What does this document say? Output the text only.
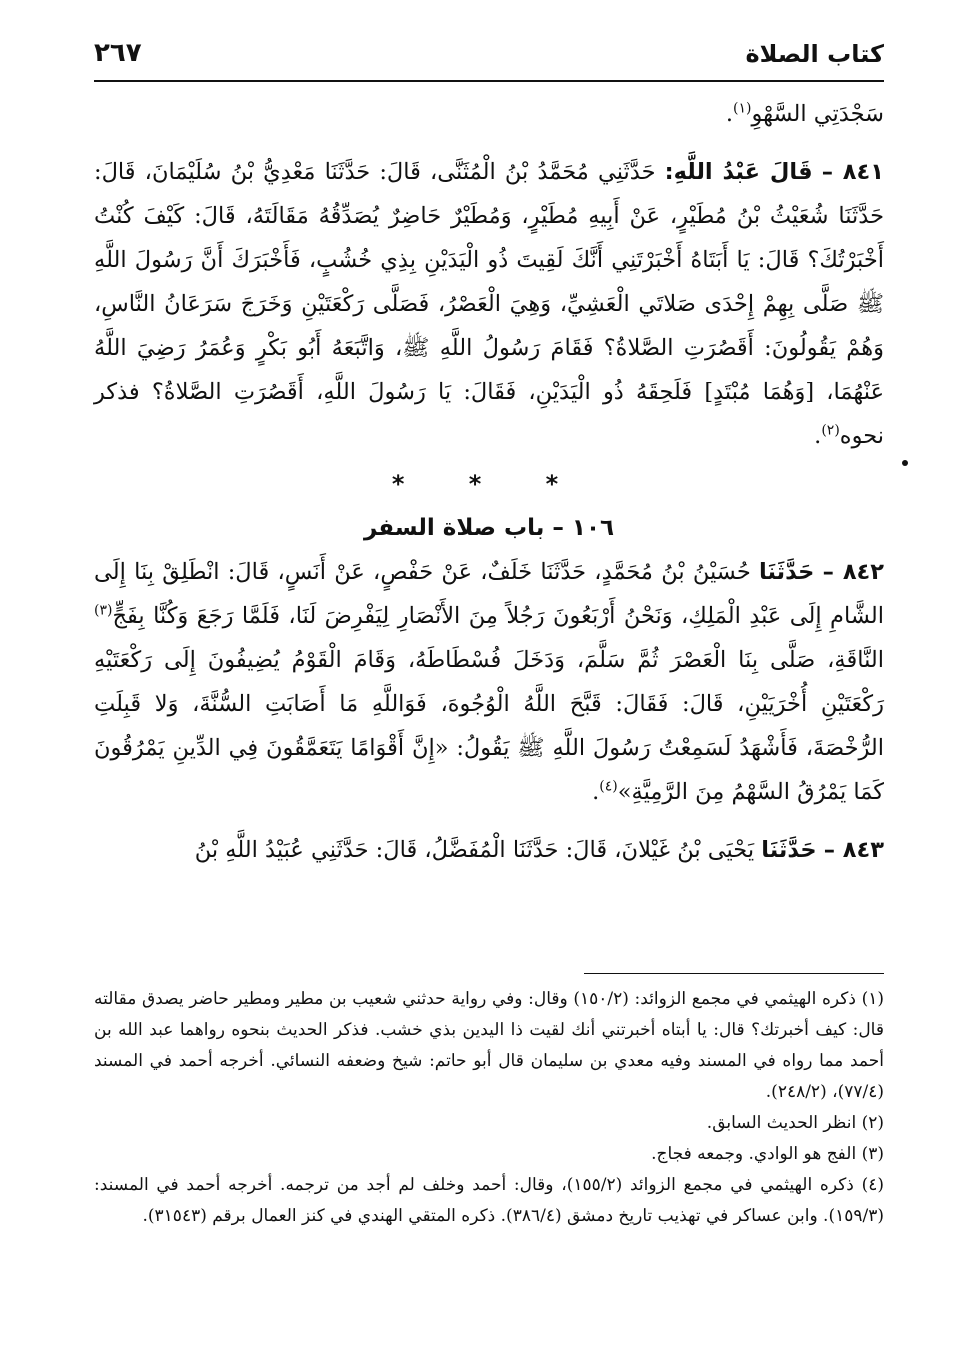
كتاب الصلاة
٢٦٧

سَجْدَتِي السَّهْوِ$^{(١)}$.

٨٤١ – قَالَ عَبْدُ اللَّهِ: حَدَّثَنِي مُحَمَّدُ بْنُ الْمُثَنَّى، قَالَ: حَدَّثَنَا مَعْدِيُّ بْنُ سُلَيْمَانَ، قَالَ: حَدَّثَنَا شُعَيْثُ بْنُ مُطَيْرٍ، عَنْ أَبِيهِ مُطَيْرٍ، وَمُطَيْرٌ حَاضِرٌ يُصَدِّقُهُ مَقَالَتَهُ، قَالَ: كَيْفَ كُنْتُ أَخْبَرْتُكَ؟ قَالَ: يَا أَبَتَاهُ أَخْبَرْتَنِي أَنَّكَ لَقِيتَ ذُو الْيَدَيْنِ بِذِي خُشُبٍ، فَأَخْبَرَكَ أَنَّ رَسُولَ اللَّهِ ﷺ صَلَّى بِهِمْ إِحْدَى صَلاتَي الْعَشِيِّ، وَهِيَ الْعَصْرُ، فَصَلَّى رَكْعَتَيْنِ وَخَرَجَ سَرَعَانُ النَّاسِ، وَهُمْ يَقُولُونَ: أَقَصُرَتِ الصَّلاةُ؟ فَقَامَ رَسُولُ اللَّهِ ﷺ، وَاتَّبَعَهُ أَبُو بَكْرٍ وَعُمَرُ رَضِيَ اللَّهُ عَنْهُمَا، [وَهُمَا مُبْتَدٍ] فَلَحِقَهُ ذُو الْيَدَيْنِ، فَقَالَ: يَا رَسُولَ اللَّهِ، أَقَصُرَتِ الصَّلاةُ؟ فذكر نحوه$^{(٢)}$.

* * *

١٠٦ – باب صلاة السفر

٨٤٢ – حَدَّثَنَا حُسَيْنُ بْنُ مُحَمَّدٍ، حَدَّثَنَا خَلَفٌ، عَنْ حَفْصٍ، عَنْ أَنَسٍ، قَالَ: انْطَلِقْ بِنَا إِلَى الشَّامِ إِلَى عَبْدِ الْمَلِكِ، وَنَحْنُ أَرْبَعُونَ رَجُلاً مِنَ الأَنْصَارِ لِيَفْرِضَ لَنَا، فَلَمَّا رَجَعَ وَكُنَّا بِفَجٍّ$^{(٣)}$ النَّاقَةِ، صَلَّى بِنَا الْعَصْرَ ثُمَّ سَلَّمَ، وَدَخَلَ فُسْطَاطَهُ، وَقَامَ الْقَوْمُ يُضِيفُونَ إِلَى رَكْعَتَيْهِ رَكْعَتَيْنِ أُخْرَيَيْنِ، قَالَ: فَقَالَ: قَبَّحَ اللَّهُ الْوُجُوهَ، فَوَاللَّهِ مَا أَصَابَتِ السُّنَّةَ، وَلا قَبِلَتِ الرُّخْصَةَ، فَأَشْهَدُ لَسَمِعْتُ رَسُولَ اللَّهِ ﷺ يَقُولُ: «إِنَّ أَقْوَامًا يَتَعَمَّقُونَ فِي الدِّينِ يَمْرُقُونَ كَمَا يَمْرُقُ السَّهْمُ مِنَ الرَّمِيَّةِ»$^{(٤)}$.

٨٤٣ – حَدَّثَنَا يَحْيَى بْنُ غَيْلانَ، قَالَ: حَدَّثَنَا الْمُفَضَّلُ، قَالَ: حَدَّثَنِي عُبَيْدُ اللَّهِ بْنُ

(١) ذكره الهيثمي في مجمع الزوائد: (١٥٠/٢) وقال: وفي رواية حدثني شعيب بن مطير ومطير حاضر يصدق مقالته قال: كيف أخبرتك؟ قال: يا أبتاه أخبرتني أنك لقيت ذا اليدين بذي خشب. فذكر الحديث بنحوه رواهما عبد الله بن أحمد مما رواه في المسند وفيه معدي بن سليمان قال أبو حاتم: شيخ وضعفه النسائي. أخرجه أحمد في المسند (٧٧/٤)، (٢٤٨/٢).

(٢) انظر الحديث السابق.

(٣) الفج هو الوادي. وجمعه فجاج.

(٤) ذكره الهيثمي في مجمع الزوائد (١٥٥/٢)، وقال: أحمد وخلف لم أجد من ترجمه. أخرجه أحمد في المسند: (١٥٩/٣). وابن عساكر في تهذيب تاريخ دمشق (٣٨٦/٤). ذكره المتقي الهندي في كنز العمال برقم (٣١٥٤٣).
